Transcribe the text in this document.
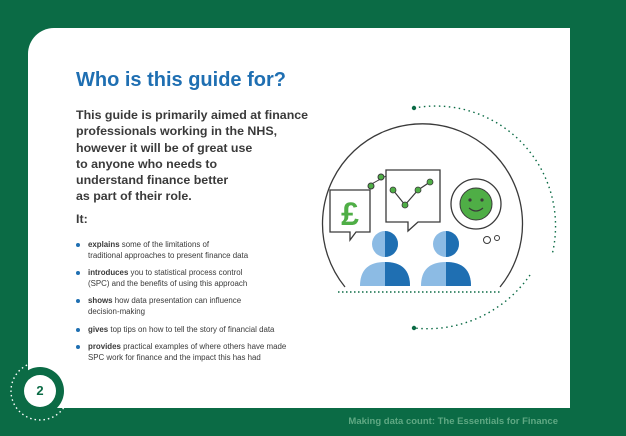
Who is this guide for?

This guide is primarily aimed at finance
professionals working in the NHS,
however it will be of great use
to anyone who needs to
understand finance better
as part of their role.

It:
explains some of the limitations of
traditional approaches to present finance data
introduces you to statistical process control
(SPC) and the benefits of using this approach
shows how data presentation can influence
decision-making
gives top tips on how to tell the story of financial data
provides practical examples of where others have made
SPC work for finance and the impact this has had
£
2
Making data count: The Essentials for Finance
